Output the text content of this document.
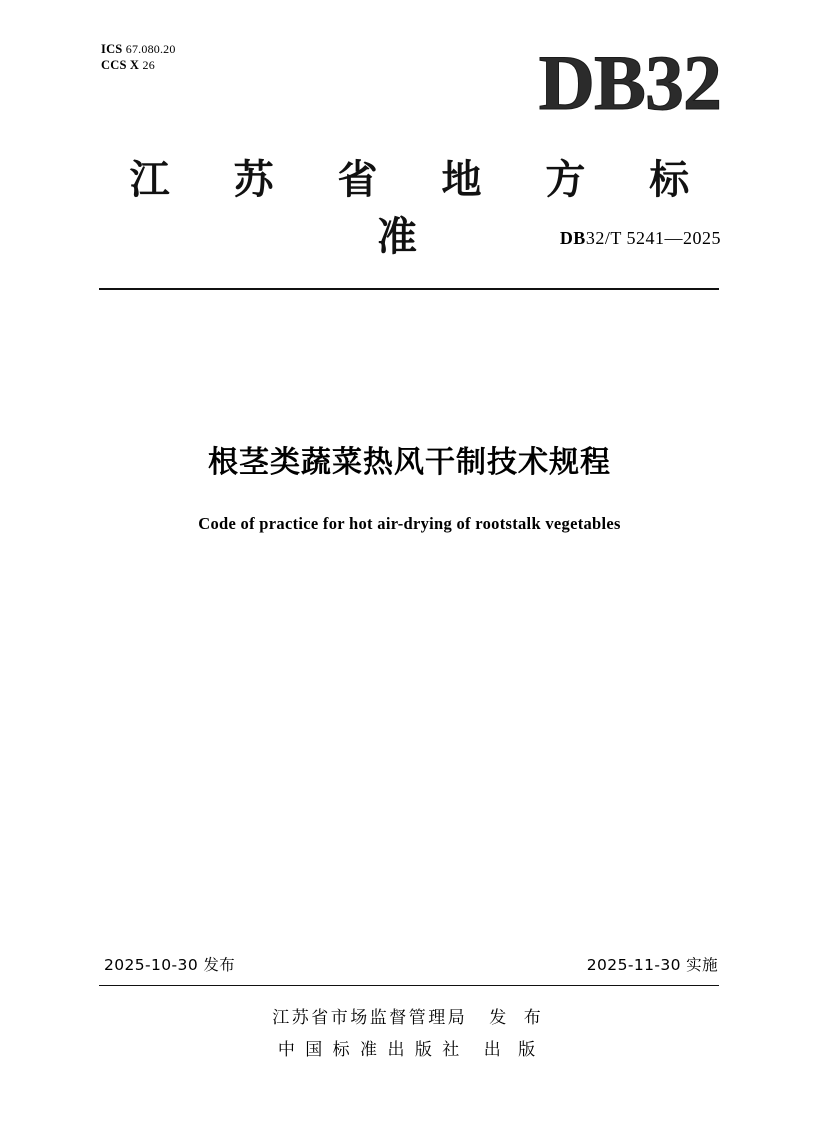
ICS 67.080.20
CCS X 26	DB32
江 苏 省 地 方 标 准	DB32/T 5241—2025
根茎类蔬菜热风干制技术规程
Code of practice for hot air-drying of rootstalk vegetables
2025-10-30 发布	2025-11-30 实施
江苏省市场监督管理局 发 布
中 国 标 准 出 版 社 出 版
